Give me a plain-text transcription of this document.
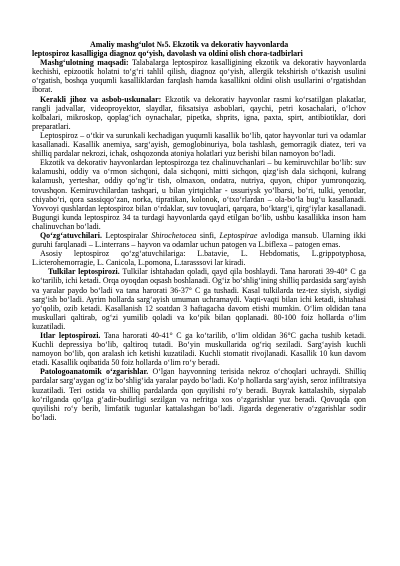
Amaliy mashg‘ulot №5. Ekzotik va dekorativ hayvonlarda
leptospiroz kasalligiga diagnoz qo‘yish, davolash va oldini olish chora-tadbirlari

Mashg‘ulotning maqsadi: Talabalarga leptospiroz kasalligining ekzotik va dekorativ hayvonlarda kechishi, epizootik holatni to‘g‘ri tahlil qilish, diagnoz qo‘yish, allergik tekshirish o‘tkazish usulini o‘rgatish, boshqa yuqumli kasalliklardan farqlash hamda kasallikni oldini olish usullarini o‘rgatishdan iborat.

Kerakli jihoz va asbob-uskunalar: Ekzotik va dekorativ hayvonlar rasmi ko‘rsatilgan plakatlar, rangli jadvallar, videoproyektor, slaydlar, fiksatsiya asboblari, qaychi, petri kosachalari, o‘lchov kolbalari, mikroskop, qoplag‘ich oynachalar, pipetka, shprits, igna, paxta, spirt, antibiotiklar, dori preparatlari.

Leptospiroz – o‘tkir va surunkali kechadigan yuqumli kasallik bo‘lib, qator hayvonlar turi va odamlar kasallanadi. Kasallik anemiya, sarg‘ayish, gemoglobinuriya, bola tashlash, gemorragik diatez, teri va shilliq pardalar nekrozi, ichak, oshqozonda atoniya holatlari yuz berishi bilan namoyon bo‘ladi.

Ekzotik va dekorativ hayvonlardan leptospirozga tez chalinuvchanlari – bu kemiruvchilar bo‘lib: suv kalamushi, oddiy va o‘rmon sichqoni, dala sichqoni, mitti sichqon, qizg‘ish dala sichqoni, kulrang kalamush, yerteshar, oddiy qo‘ng‘ir tish, olmaxon, ondatra, nutriya, quyon, chipor yumronqoziq, tovushqon. Kemiruvchilardan tashqari, u bilan yirtqichlar - ussuriysk yo‘lbarsi, bo‘ri, tulki, yenotlar, chiyabo‘ri, qora sassiqqo‘zan, norka, tipratikan, kolonok, o‘txo‘rlardan – ola-bo‘la bug‘u kasallanadi. Yovvoyi qushlardan leptospiroz bilan o‘rdaklar, suv tovuqlari, qarqara, bo‘ktarg‘i, qirg‘iylar kasallanadi. Bugungi kunda leptospiroz 34 ta turdagi hayvonlarda qayd etilgan bo‘lib, ushbu kasallikka inson ham chalinuvchan bo‘ladi.

Qo‘zg‘atuvchilari. Leptospiralar Shirochetocea sinfi, Leptospirae avlodiga mansub. Ularning ikki guruhi farqlanadi – L.interrans – hayvon va odamlar uchun patogen va L.biflexa – patogen emas.

Asosiy leptospiroz qo‘zg‘atuvchilariga: L.batavie, L. Hebdomatis, L.grippotyphosa, L.icterohemorragie, L. Canicola, L.pomona, L.tarasssovi lar kiradi.

Tulkilar leptospirozi. Tulkilar ishtahadan qoladi, qayd qila boshlaydi. Tana harorati 39-40° C ga ko‘tarilib, ichi ketadi. Orqa oyoqdan oqsash boshlanadi. Og‘iz bo‘shlig‘ining shilliq pardasida sarg‘ayish va yaralar paydo bo‘ladi va tana harorati 36-37° C ga tushadi. Kasal tulkilarda tez-tez siyish, siydigi sarg‘ish bo‘ladi. Ayrim hollarda sarg‘ayish umuman uchramaydi. Vaqti-vaqti bilan ichi ketadi, ishtahasi yo‘qolib, ozib ketadi. Kasallanish 12 soatdan 3 haftagacha davom etishi mumkin. O‘lim oldidan tana muskullari qaltirab, og‘zi yumilib qoladi va ko‘pik bilan qoplanadi. 80-100 foiz hollarda o‘lim kuzatiladi.

Itlar leptospirozi. Tana harorati 40-41° C ga ko‘tarilib, o‘lim oldidan 36°C gacha tushib ketadi. Kuchli depressiya bo‘lib, qaltiroq tutadi. Bo‘yin muskullarida og‘riq seziladi. Sarg‘ayish kuchli namoyon bo‘lib, qon aralash ich ketishi kuzatiladi. Kuchli stomatit rivojlanadi. Kasallik 10 kun davom etadi. Kasallik oqibatida 50 foiz hollarda o‘lim ro‘y beradi.

Patologoanatomik o‘zgarishlar. O‘lgan hayvonning terisida nekroz o‘choqlari uchraydi. Shilliq pardalar sarg‘aygan og‘iz bo‘shlig‘ida yaralar paydo bo‘ladi. Ko‘p hollarda sarg‘ayish, seroz infiltratsiya kuzatiladi. Teri ostida va shilliq pardalarda qon quyilishi ro‘y beradi. Buyrak kattalashib, siypalab ko‘rilganda qo‘lga g‘adir-budirligi sezilgan va nefritga xos o‘zgarishlar yuz beradi. Qovuqda qon quyilishi ro‘y berib, limfatik tugunlar kattalashgan bo‘ladi. Jigarda degenerativ o‘zgarishlar sodir bo‘ladi.
